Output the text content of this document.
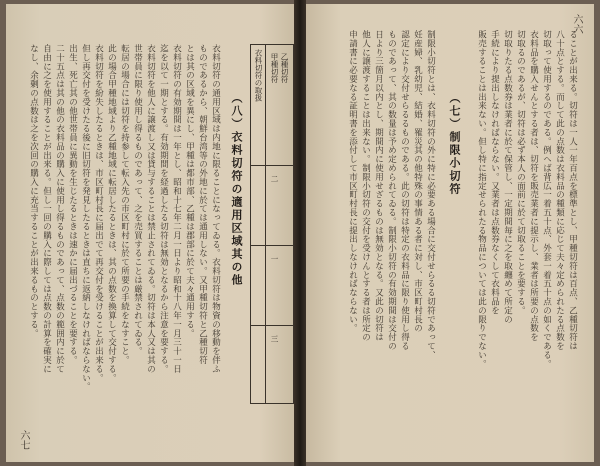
六七
衣料切符の取扱 甲種切符 乙種切符
二
一
三
（八）衣料切符の適用区域其の他
衣料切符の通用区域は内地に限ることになってゐる。衣料切符は物資の移動を伴ふ
ものであるから、朝鮮台湾等の外地に於ては通用しない。又甲種切符と乙種切符
とは其の区域を異にし、甲種は都市部、乙種は郡部に於て夫々通用する。
衣料切符の有効期間は一年とし、昭和十七年二月一日より昭和十八年一月三十一日
迄を以て一期とする。有効期間を経過したる切符は無効となるから注意を要する。
衣料切符を他人に譲渡し又は貸与することは禁止されてゐる。切符は本人又は其の
世帯員に限り使用し得るものであって、之を売買することは厳禁されてゐる。
転居の場合には切符を持参して転入先の市区町村に於て所要の手続をなすこと。
此の場合甲種地域より乙種地域に転居したるときは、其の点数を換算して交付する。
衣料切符を紛失したるときは、市区町村長に届出でて再交付を受けることが出来る。
但し再交付を受けたる後に旧切符を発見したるときは直ちに返納しなければならない。
出生、死亡其の他世帯員に異動を生じたるときは速かに届出づることを要する。
二十五点は其の他の衣料品の購入に使用し得るものであって、点数の範囲内に於て
自由に之を使用することが出来る。但し一回の購入に際しては点数の計算を確実に
なし、余剰の点数は之を次回の購入に充当することが出来るものとする。
六六
ることが出来る。切符は一人一年百点を標準とし、甲種切符は百点、乙種切符は
八十点とする。而して此の点数は衣料品の種類に応じて夫々定められたる点数を
切取って使用するのである。例へば背広一着五十点、外套一着五十点の如くである。
衣料品を購入せんとする者は、切符を販売業者に提示し、業者は所要の点数を
切取るのであるが、切符は必ず本人の面前に於て切取ることを要する。
切取りたる点数券は業者に於て保管し、一定期間毎に之を取纏めて所定の
手続により提出しなければならない。又業者は点数券なくして衣料品を
販売することは出来ない。但し特に指定せられたる物品については此の限りでない。
（七）制限小切符
制限小切符とは、衣料切符の外に特に必要ある場合に交付せらるる切符であって、
妊産婦、乳幼児、結婚、罹災其の他特殊の事情ある者に対し、市区町村長の
認定により交付せらるるものである。此の切符は特定の衣料品に限り使用し得る
ものであって、其の数量は予め定められてゐる。制限小切符の有効期間は交付の
日より三箇月以内とし、期間内に使用せざるものは無効となる。又此の切符は
他人に譲渡することは出来ない。制限小切符の交付を受けんとする者は所定の
申請書に必要なる証明書を添付して市区町村長に提出しなければならない。
